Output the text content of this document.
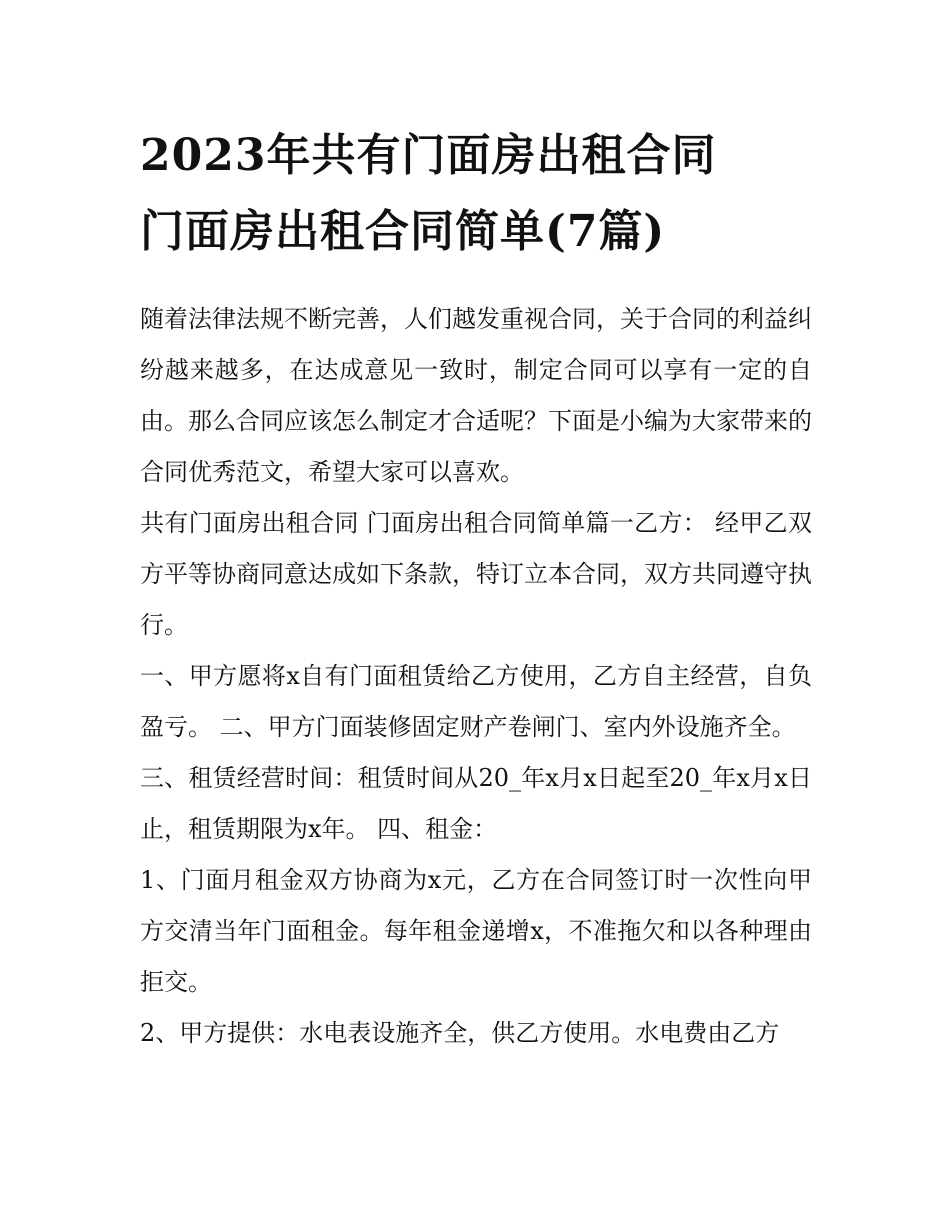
2023年共有门面房出租合同
门面房出租合同简单(7篇)

随着法律法规不断完善，人们越发重视合同，关于合同的利益纠纷越来越多，在达成意见一致时，制定合同可以享有一定的自由。那么合同应该怎么制定才合适呢？下面是小编为大家带来的合同优秀范文，希望大家可以喜欢。

共有门面房出租合同 门面房出租合同简单篇一乙方： 经甲乙双方平等协商同意达成如下条款，特订立本合同，双方共同遵守执行。

一、甲方愿将x自有门面租赁给乙方使用，乙方自主经营，自负盈亏。 二、甲方门面装修固定财产卷闸门、室内外设施齐全。

三、租赁经营时间：租赁时间从20_年x月x日起至20_年x月x日止，租赁期限为x年。 四、租金：

1、门面月租金双方协商为x元，乙方在合同签订时一次性向甲方交清当年门面租金。每年租金递增x，不准拖欠和以各种理由拒交。

2、甲方提供：水电表设施齐全，供乙方使用。水电费由乙方
